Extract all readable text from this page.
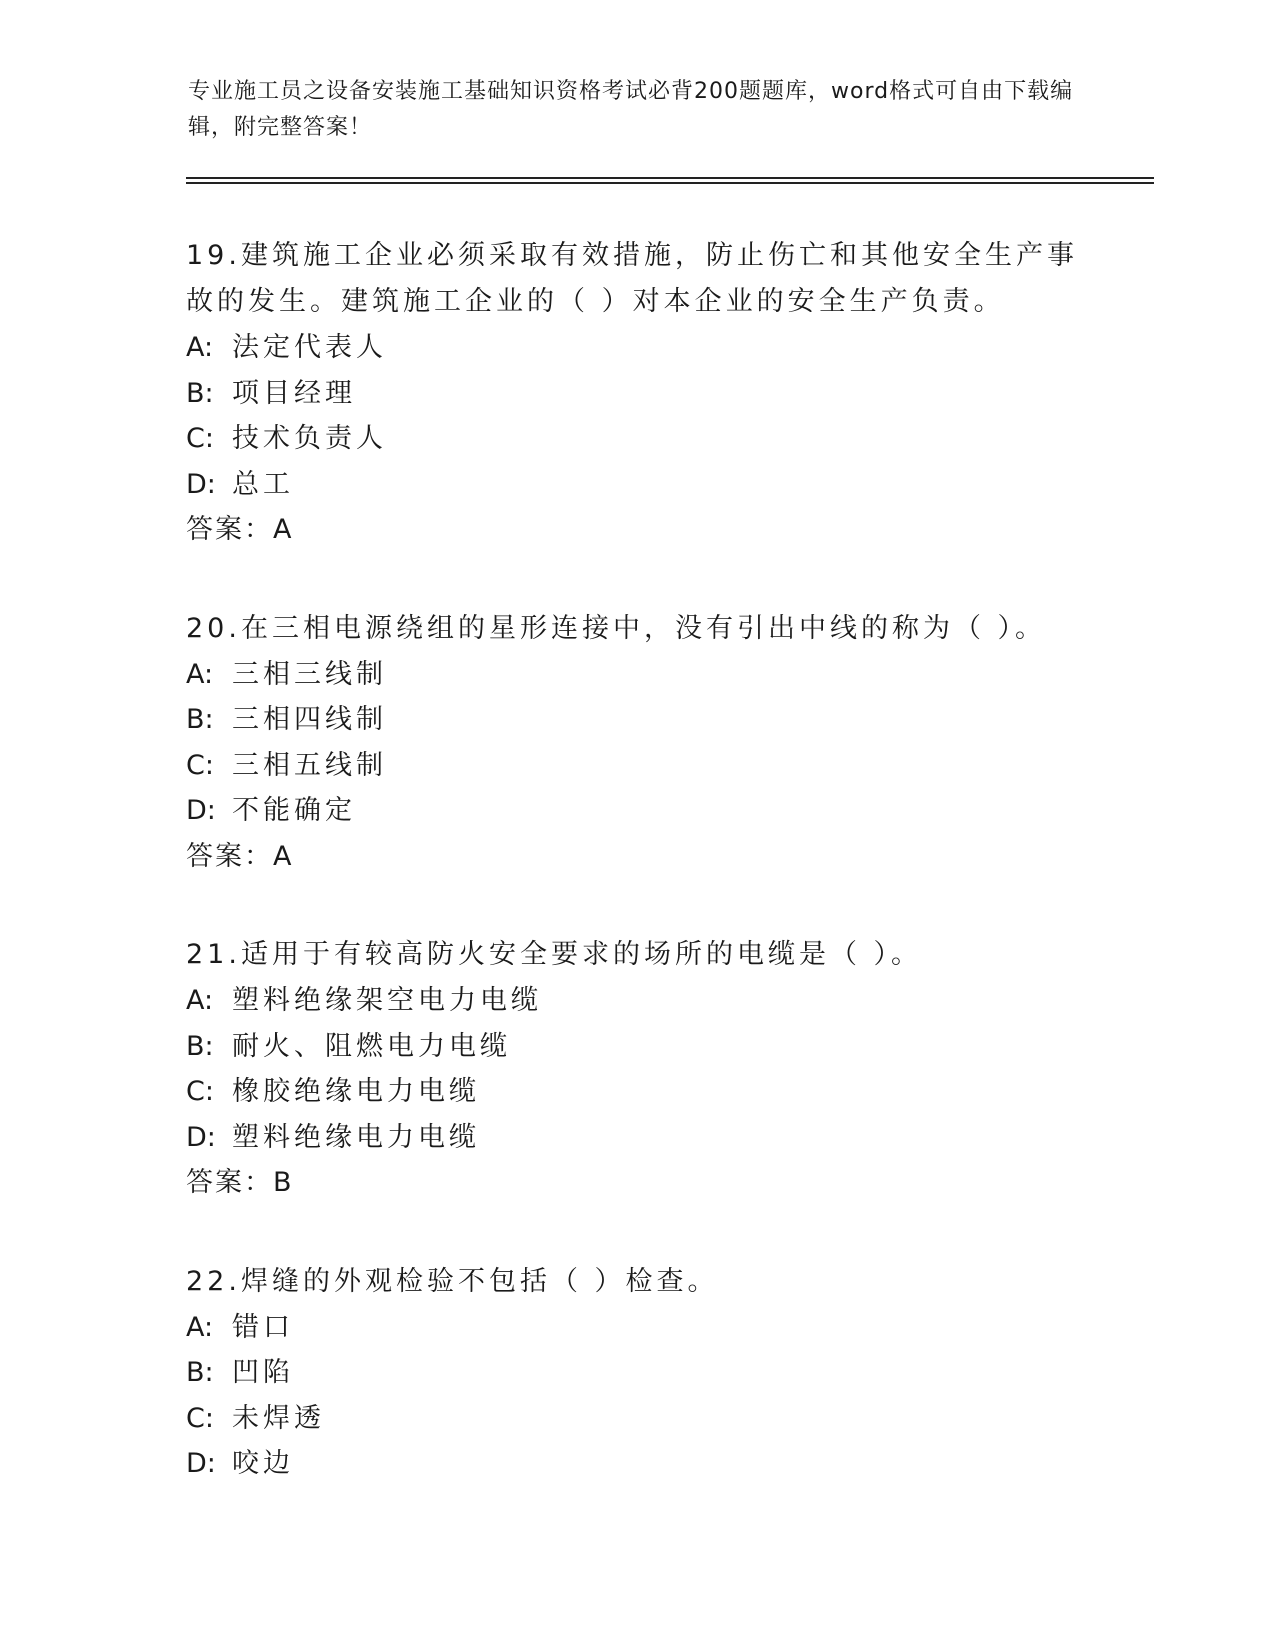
专业施工员之设备安装施工基础知识资格考试必背200题题库，word格式可自由下载编辑，附完整答案！

19.建筑施工企业必须采取有效措施，防止伤亡和其他安全生产事故的发生。建筑施工企业的（ ）对本企业的安全生产负责。

A: 法定代表人
B: 项目经理
C: 技术负责人
D: 总工
答案：A

20.在三相电源绕组的星形连接中，没有引出中线的称为（ ）。

A: 三相三线制
B: 三相四线制
C: 三相五线制
D: 不能确定
答案：A

21.适用于有较高防火安全要求的场所的电缆是（ ）。

A: 塑料绝缘架空电力电缆
B: 耐火、阻燃电力电缆
C: 橡胶绝缘电力电缆
D: 塑料绝缘电力电缆
答案：B

22.焊缝的外观检验不包括（ ）检查。

A: 错口
B: 凹陷
C: 未焊透
D: 咬边
